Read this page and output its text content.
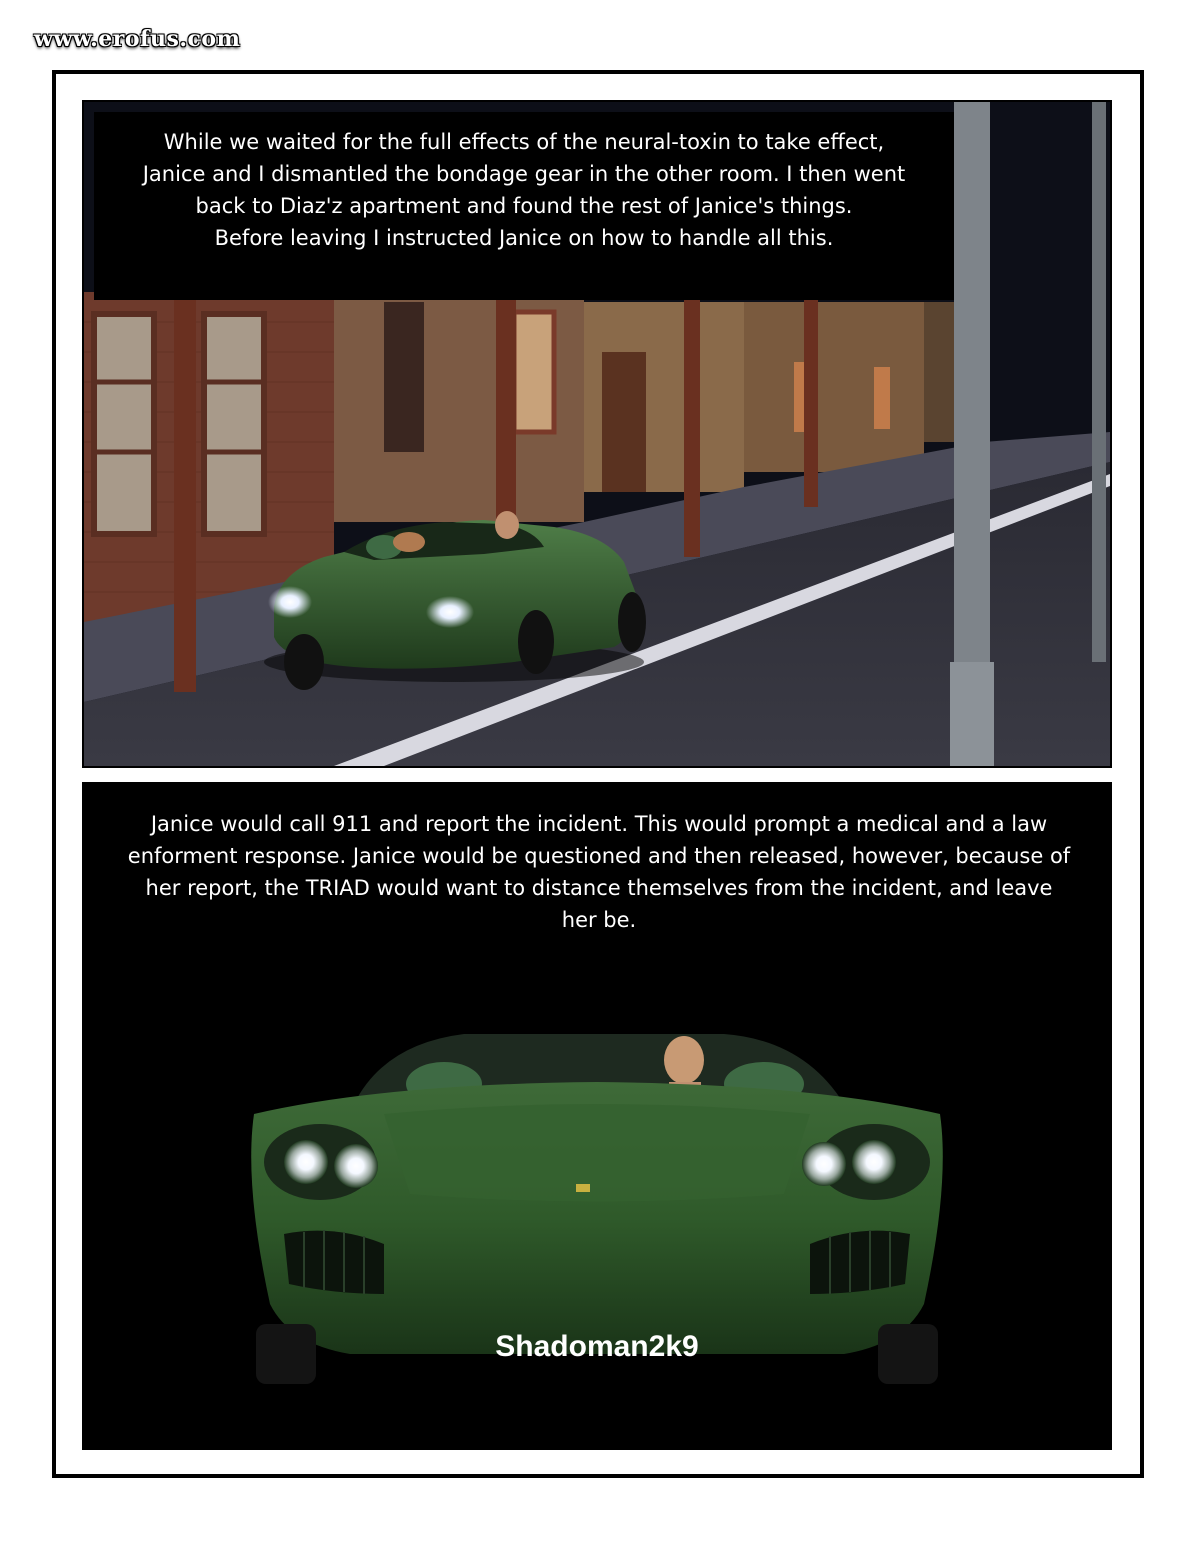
www.erofus.com

While we waited for the full effects of the neural-toxin to take effect,

Janice and I dismantled the bondage gear in the other room. I then went

back to Diaz'z apartment and found the rest of Janice's things.

Before leaving I instructed Janice on how to handle all this.

Janice would call 911 and report the incident. This would prompt a medical and a law

enforment response. Janice would be questioned and then released, however, because of

her report, the TRIAD would want to distance themselves from the incident, and leave

her be.

Shadoman2k9
